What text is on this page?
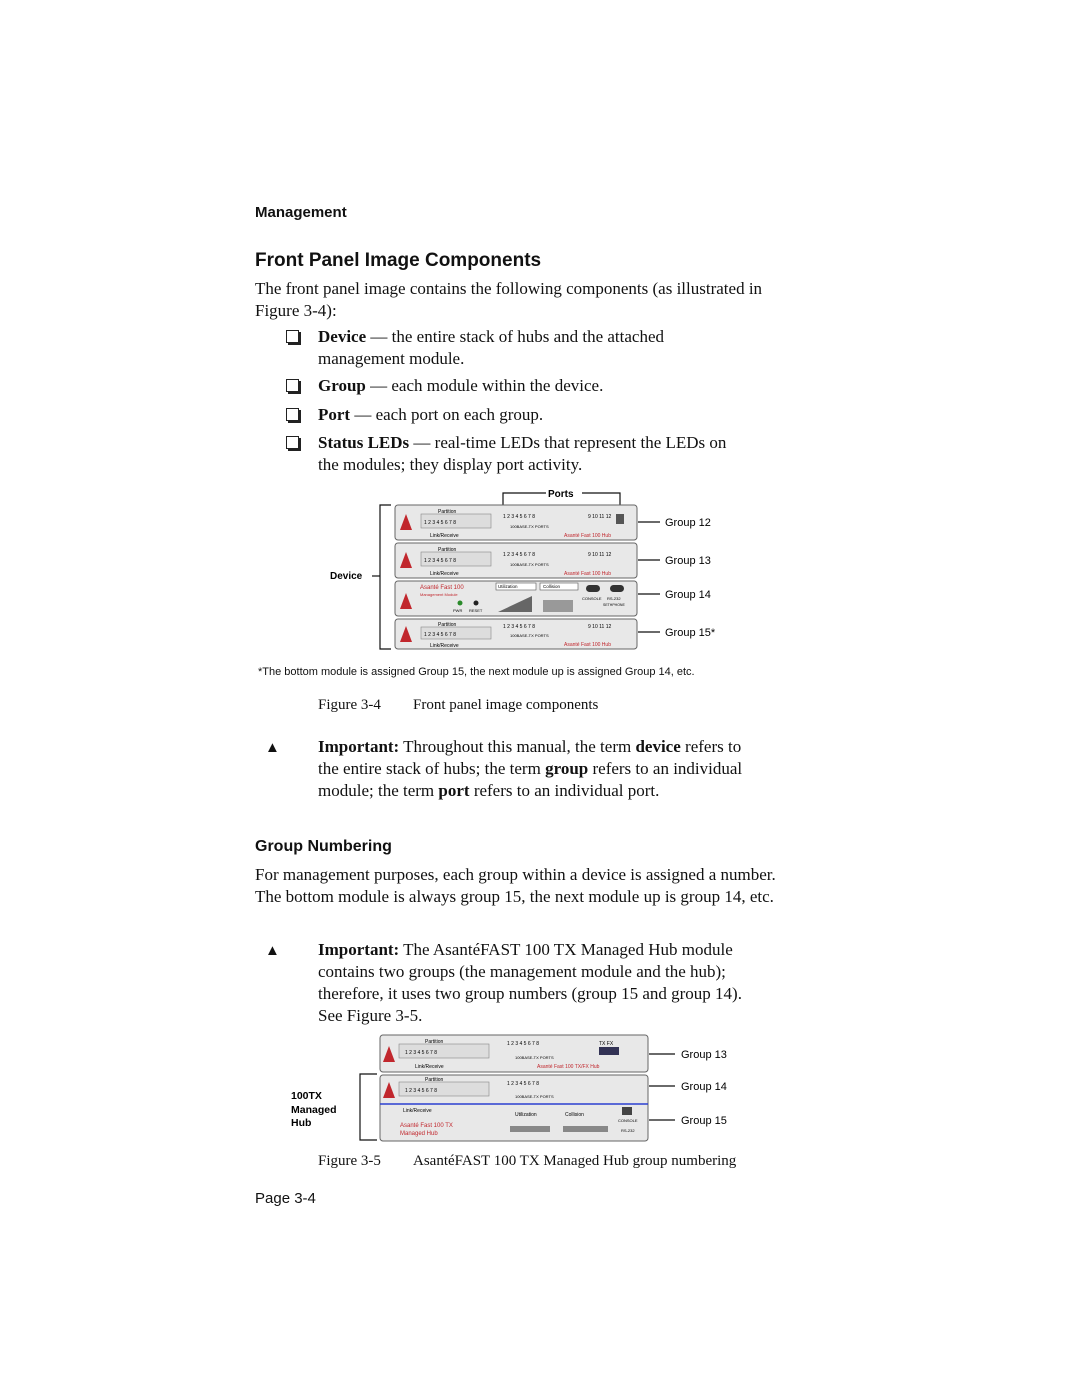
Management
Front Panel Image Components
The front panel image contains the following components (as illustrated in Figure 3-4):
Device — the entire stack of hubs and the attached management module.
Group — each module within the device.
Port — each port on each group.
Status LEDs — real-time LEDs that represent the LEDs on the modules; they display port activity.
Ports
Device
Partition
1 2 3 4 5 6 7 8
Link/Receive
1 2 3 4 5 6 7 8	9 10 11 12
100BASE-TX PORTS
Asanté Fast 100 Hub
Partition
1 2 3 4 5 6 7 8
Link/Receive
1 2 3 4 5 6 7 8	9 10 11 12
100BASE-TX PORTS
Asanté Fast 100 Hub
Asanté Fast 100
Management Module
PWR RESET
Utilization	Collision
CONSOLE RS-232
SETHPHONE
Partition
1 2 3 4 5 6 7 8
Link/Receive
1 2 3 4 5 6 7 8	9 10 11 12
100BASE-TX PORTS
Asanté Fast 100 Hub
Group 12
Group 13
Group 14
Group 15*
*The bottom module is assigned Group 15, the next module up is assigned Group 14, etc.
Figure 3-4 Front panel image components
▲ Important: Throughout this manual, the term device refers to the entire stack of hubs; the term group refers to an individual module; the term port refers to an individual port.
Group Numbering
For management purposes, each group within a device is assigned a number. The bottom module is always group 15, the next module up is group 14, etc.
▲ Important: The AsantéFAST 100 TX Managed Hub module contains two groups (the management module and the hub); therefore, it uses two group numbers (group 15 and group 14). See Figure 3-5.
Partition
1 2 3 4 5 6 7 8
Link/Receive
1 2 3 4 5 6 7 8	TX FX
100BASE-TX PORTS
Asanté Fast 100 TX/FX Hub
Partition
1 2 3 4 5 6 7 8
1 2 3 4 5 6 7 8
100BASE-TX PORTS
Link/Receive
Asanté Fast 100 TX
Managed Hub
Utilization	Collision
CONSOLE
RS-232
100TX
Managed
Hub
Group 13
Group 14
Group 15
Figure 3-5 AsantéFAST 100 TX Managed Hub group numbering
Page 3-4
